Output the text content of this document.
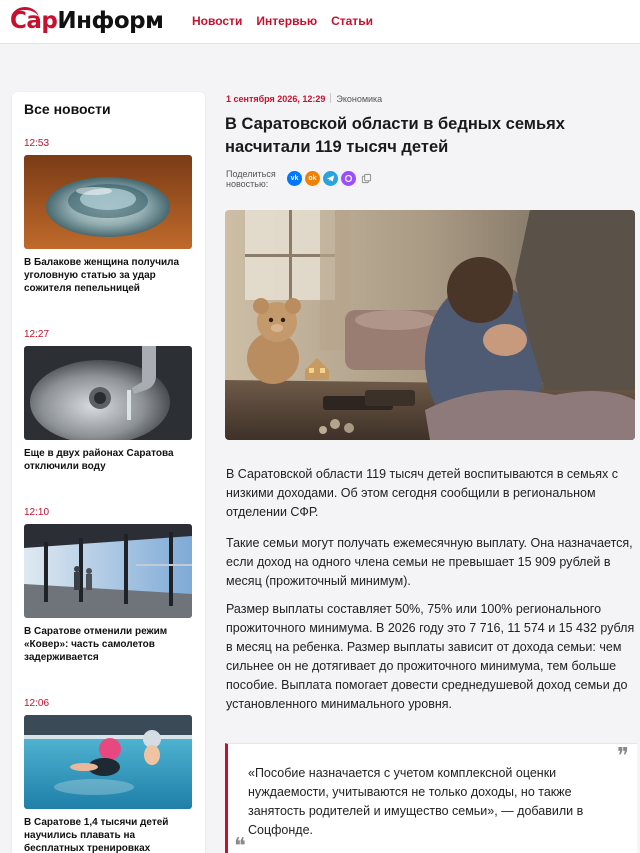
СарИнформ Новости Интервью Статьи
Все новости
12:53
В Балакове женщина получила уголовную статью за удар сожителя пепельницей
12:27
Еще в двух районах Саратова отключили воду
12:10
В Саратове отменили режим «Ковер»: часть самолетов задерживается
12:06
В Саратове 1,4 тысячи детей научились плавать на бесплатных тренировках
1 сентября 2026, 12:29 Экономика
В Саратовской области в бедных семьях насчитали 119 тысяч детей
Поделиться новостью:
vk	ok

В Саратовской области 119 тысяч детей воспитываются в семьях с низкими доходами. Об этом сегодня сообщили в региональном отделении СФР.

Такие семьи могут получать ежемесячную выплату. Она назначается, если доход на одного члена семьи не превышает 15 909 рублей в месяц (прожиточный минимум).

Размер выплаты составляет 50%, 75% или 100% регионального прожиточного минимума. В 2026 году это 7 716, 11 574 и 15 432 рубля в месяц на ребенка. Размер выплаты зависит от дохода семьи: чем сильнее он не дотягивает до прожиточного минимума, тем больше пособие. Выплата помогает довести среднедушевой доход семьи до установленного минимального уровня.

❞

«Пособие назначается с учетом комплексной оценки нуждаемости, учитываются не только доходы, но также занятость родителей и имущество семьи», — добавили в Соцфонде.

❝
